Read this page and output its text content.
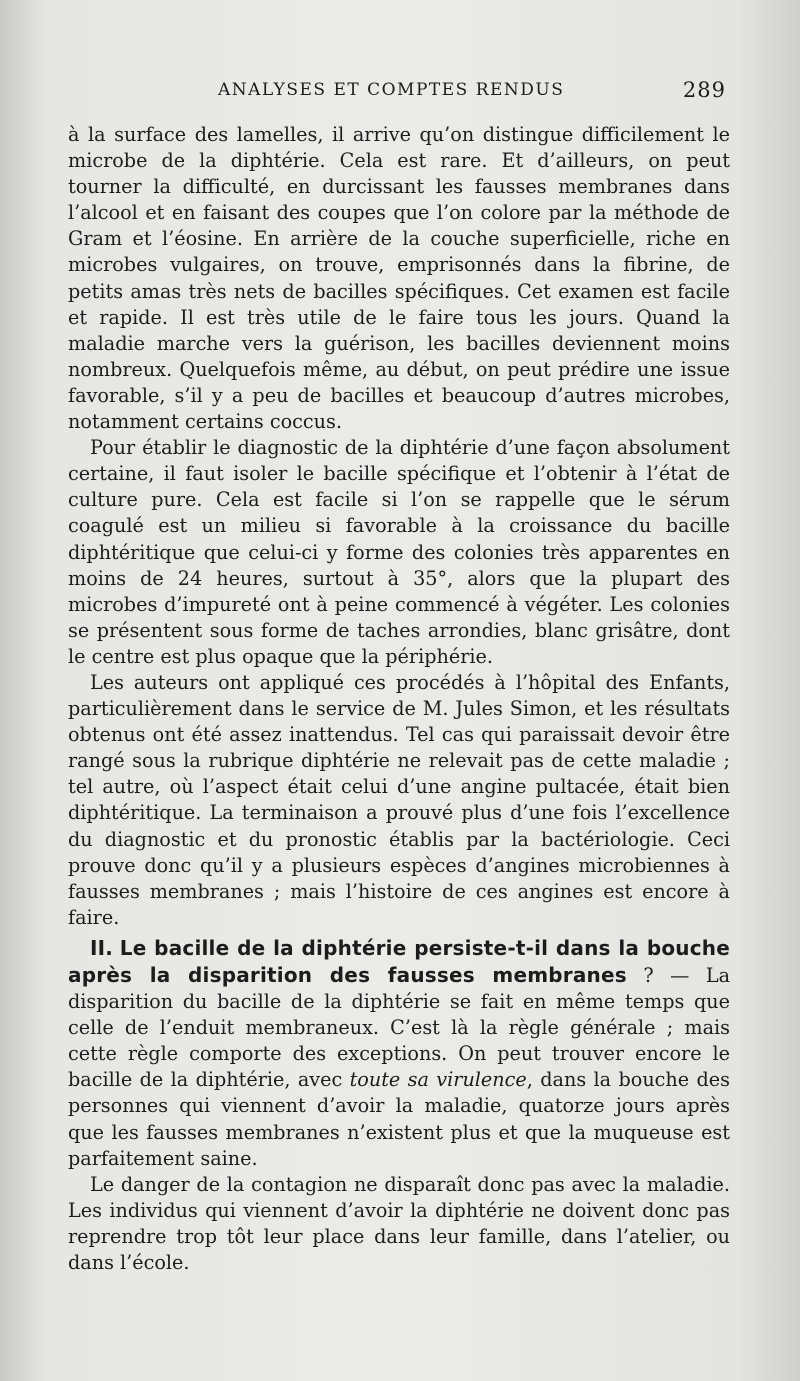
ANALYSES ET COMPTES RENDUS	289

à la surface des lamelles, il arrive qu’on distingue difficilement le microbe de la diphtérie. Cela est rare. Et d’ailleurs, on peut tourner la difficulté, en durcissant les fausses membranes dans l’alcool et en faisant des coupes que l’on colore par la méthode de Gram et l’éosine. En arrière de la couche superficielle, riche en microbes vulgaires, on trouve, emprisonnés dans la fibrine, de petits amas très nets de bacilles spécifiques. Cet examen est facile et rapide. Il est très utile de le faire tous les jours. Quand la maladie marche vers la guérison, les bacilles deviennent moins nombreux. Quelquefois même, au début, on peut prédire une issue favorable, s’il y a peu de bacilles et beaucoup d’autres microbes, notamment certains coccus.

Pour établir le diagnostic de la diphtérie d’une façon absolument certaine, il faut isoler le bacille spécifique et l’obtenir à l’état de culture pure. Cela est facile si l’on se rappelle que le sérum coagulé est un milieu si favorable à la croissance du bacille diphtéritique que celui-ci y forme des colonies très apparentes en moins de 24 heures, surtout à 35°, alors que la plupart des microbes d’impureté ont à peine commencé à végéter. Les colonies se présentent sous forme de taches arrondies, blanc grisâtre, dont le centre est plus opaque que la périphérie.

Les auteurs ont appliqué ces procédés à l’hôpital des Enfants, particulièrement dans le service de M. Jules Simon, et les résultats obtenus ont été assez inattendus. Tel cas qui paraissait devoir être rangé sous la rubrique diphtérie ne relevait pas de cette maladie ; tel autre, où l’aspect était celui d’une angine pultacée, était bien diphtéritique. La terminaison a prouvé plus d’une fois l’excellence du diagnostic et du pronostic établis par la bactériologie. Ceci prouve donc qu’il y a plusieurs espèces d’angines microbiennes à fausses membranes ; mais l’histoire de ces angines est encore à faire.

II. Le bacille de la diphtérie persiste-t-il dans la bouche après la disparition des fausses membranes ? — La disparition du bacille de la diphtérie se fait en même temps que celle de l’enduit membraneux. C’est là la règle générale ; mais cette règle comporte des exceptions. On peut trouver encore le bacille de la diphtérie, avec toute sa virulence, dans la bouche des personnes qui viennent d’avoir la maladie, quatorze jours après que les fausses membranes n’existent plus et que la muqueuse est parfaitement saine.

Le danger de la contagion ne disparaît donc pas avec la maladie. Les individus qui viennent d’avoir la diphtérie ne doivent donc pas reprendre trop tôt leur place dans leur famille, dans l’atelier, ou dans l’école.
